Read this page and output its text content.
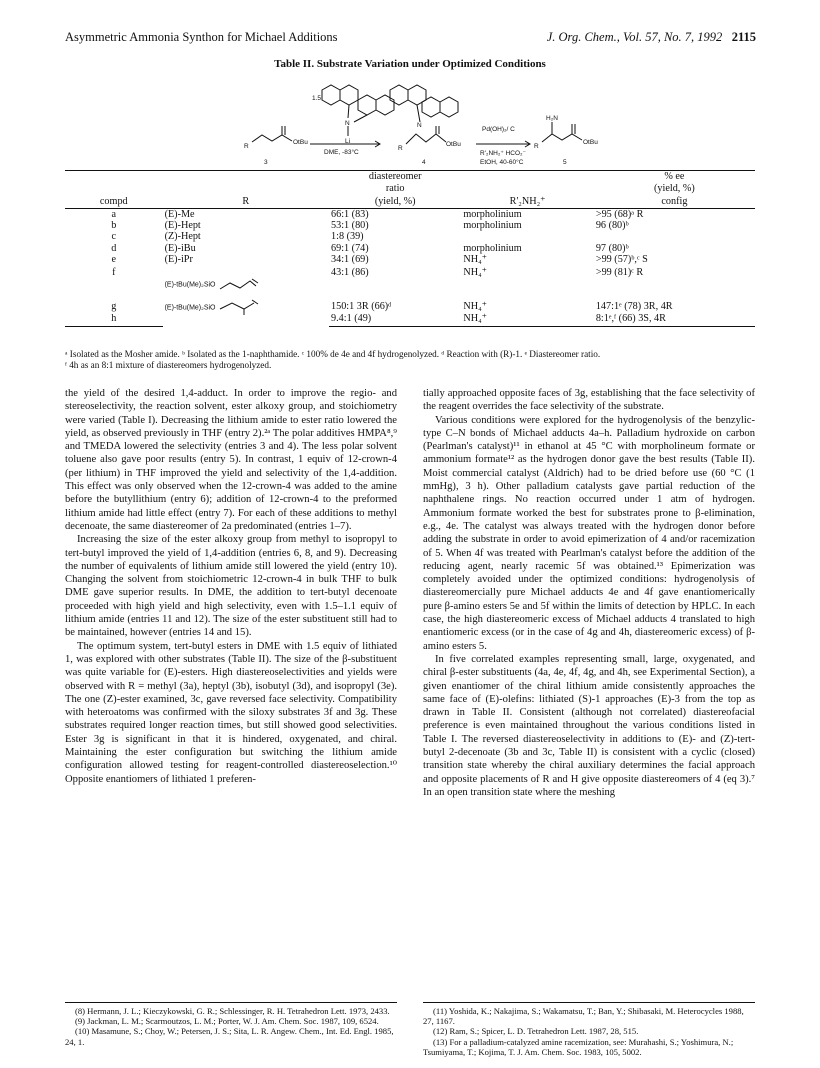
Asymmetric Ammonia Synthon for Michael Additions	J. Org. Chem., Vol. 57, No. 7, 1992 2115
Table II. Substrate Variation under Optimized Conditions
1.5
N
Li
R
OtBu
3
DME, -83°C
N
R
OtBu
4
Pd(OH)₂/ C
R'₂NH₂⁺ HCO₂⁻
EtOH, 40-60°C
H₂N
R
OtBu
5
		diastereomer		% ee
		ratio		(yield, %)
compd	R	(yield, %)	R'₂NH₂⁺	config
a	(E)-Me	66:1 (83)	morpholinium	>95 (68)ᵃ R
b	(E)-Hept	53:1 (80)	morpholinium	96 (80)ᵇ
c	(Z)-Hept	1:8 (39)		
d	(E)-iBu	69:1 (74)	morpholinium	97 (80)ᵇ
e	(E)-iPr	34:1 (69)	NH₄⁺	>99 (57)ᵇ,ᶜ S
f	(E)-tBu(Me)₂SiO	43:1 (86)	NH₄⁺	>99 (81)ᶜ R
g	(E)-tBu(Me)₂SiO	150:1 3R (66)ᵈ	NH₄⁺	147:1ᵉ (78) 3R, 4R
h		9.4:1 (49)	NH₄⁺	8:1ᵉ,ᶠ (66) 3S, 4R
ᵃ Isolated as the Mosher amide. ᵇ Isolated as the 1-naphthamide. ᶜ 100% de 4e and 4f hydrogenolyzed. ᵈ Reaction with (R)-1. ᵉ Diastereomer ratio.
ᶠ 4h as an 8:1 mixture of diastereomers hydrogenolyzed.

the yield of the desired 1,4-adduct. In order to improve the regio- and stereoselectivity, the reaction solvent, ester alkoxy group, and stoichiometry were varied (Table I). Decreasing the lithium amide to ester ratio lowered the yield, as observed previously in THF (entry 2).²ᵃ The polar additives HMPA⁸,⁹ and TMEDA lowered the selectivity (entries 3 and 4). The less polar solvent toluene also gave poor results (entry 5). In contrast, 1 equiv of 12-crown-4 (per lithium) in THF improved the yield and selectivity of the 1,4-addition. This effect was only observed when the 12-crown-4 was added to the amine before the butyllithium (entry 6); addition of 12-crown-4 to the preformed lithium amide had little effect (entry 7). For each of these additions to methyl decenoate, the same diastereomer of 2a predominated (entries 1–7).

Increasing the size of the ester alkoxy group from methyl to isopropyl to tert-butyl improved the yield of 1,4-addition (entries 6, 8, and 9). Decreasing the number of equivalents of lithium amide still lowered the yield (entry 10). Changing the solvent from stoichiometric 12-crown-4 in bulk THF to bulk DME gave superior results. In DME, the addition to tert-butyl decenoate proceeded with high yield and high selectivity, even with 1.5–1.1 equiv of lithium amide (entries 11 and 12). The size of the ester substituent still had to be maintained, however (entries 14 and 15).

The optimum system, tert-butyl esters in DME with 1.5 equiv of lithiated 1, was explored with other substrates (Table II). The size of the β-substituent was quite variable for (E)-esters. High diastereoselectivities and yields were observed with R = methyl (3a), heptyl (3b), isobutyl (3d), and isopropyl (3e). The one (Z)-ester examined, 3c, gave reversed face selectivity. Compatibility with heteroatoms was confirmed with the siloxy substrates 3f and 3g. These substrates required longer reaction times, but still showed good selectivities. Ester 3g is significant in that it is hindered, oxygenated, and chiral. Maintaining the ester configuration but switching the lithium amide configuration allowed testing for reagent-controlled diastereoselection.¹⁰ Opposite enantiomers of lithiated 1 preferen-

tially approached opposite faces of 3g, establishing that the face selectivity of the reagent overrides the face selectivity of the substrate.

Various conditions were explored for the hydrogenolysis of the benzylic-type C–N bonds of Michael adducts 4a–h. Palladium hydroxide on carbon (Pearlman's catalyst)¹¹ in ethanol at 45 °C with morpholineum formate or ammonium formate¹² as the hydrogen donor gave the best results (Table II). Moist commercial catalyst (Aldrich) had to be dried before use (60 °C (1 mmHg), 3 h). Other palladium catalysts gave partial reduction of the naphthalene rings. No reaction occurred under 1 atm of hydrogen. Ammonium formate worked the best for substrates prone to β-elimination, e.g., 4e. The catalyst was always treated with the hydrogen donor before adding the substrate in order to avoid epimerization of 4 and/or racemization of 5. When 4f was treated with Pearlman's catalyst before the addition of the reducing agent, nearly racemic 5f was obtained.¹³ Epimerization was completely avoided under the optimized conditions: hydrogenolysis of diastereomercially pure Michael adducts 4e and 4f gave enantiomerically pure β-amino esters 5e and 5f within the limits of detection by HPLC. In each case, the high diastereomeric excess of Michael adducts 4 translated to high enantiomeric excess (or in the case of 4g and 4h, diastereomeric excess) of β-amino esters 5.

In five correlated examples representing small, large, oxygenated, and chiral β-ester substituents (4a, 4e, 4f, 4g, and 4h, see Experimental Section), a given enantiomer of the chiral lithium amide consistently approaches the same face of (E)-olefins: lithiated (S)-1 approaches (E)-3 from the top as drawn in Table II. Consistent (although not correlated) diastereofacial preference is even maintained throughout the various conditions listed in Table I. The reversed diastereoselectivity in additions to (E)- and (Z)-tert-butyl 2-decenoate (3b and 3c, Table II) is consistent with a cyclic (closed) transition state whereby the chiral auxiliary determines the facial approach and opposite placements of R and H give opposite diastereomers of 4 (eq 3).⁷ In an open transition state where the meshing

(8) Hermann, J. L.; Kieczykowski, G. R.; Schlessinger, R. H. Tetrahedron Lett. 1973, 2433.
(9) Jackman, L. M.; Scarmoutzos, L. M.; Porter, W. J. Am. Chem. Soc. 1987, 109, 6524.
(10) Masamune, S.; Choy, W.; Petersen, J. S.; Sita, L. R. Angew. Chem., Int. Ed. Engl. 1985, 24, 1.
(11) Yoshida, K.; Nakajima, S.; Wakamatsu, T.; Ban, Y.; Shibasaki, M. Heterocycles 1988, 27, 1167.
(12) Ram, S.; Spicer, L. D. Tetrahedron Lett. 1987, 28, 515.
(13) For a palladium-catalyzed amine racemization, see: Murahashi, S.; Yoshimura, N.; Tsumiyama, T.; Kojima, T. J. Am. Chem. Soc. 1983, 105, 5002.
